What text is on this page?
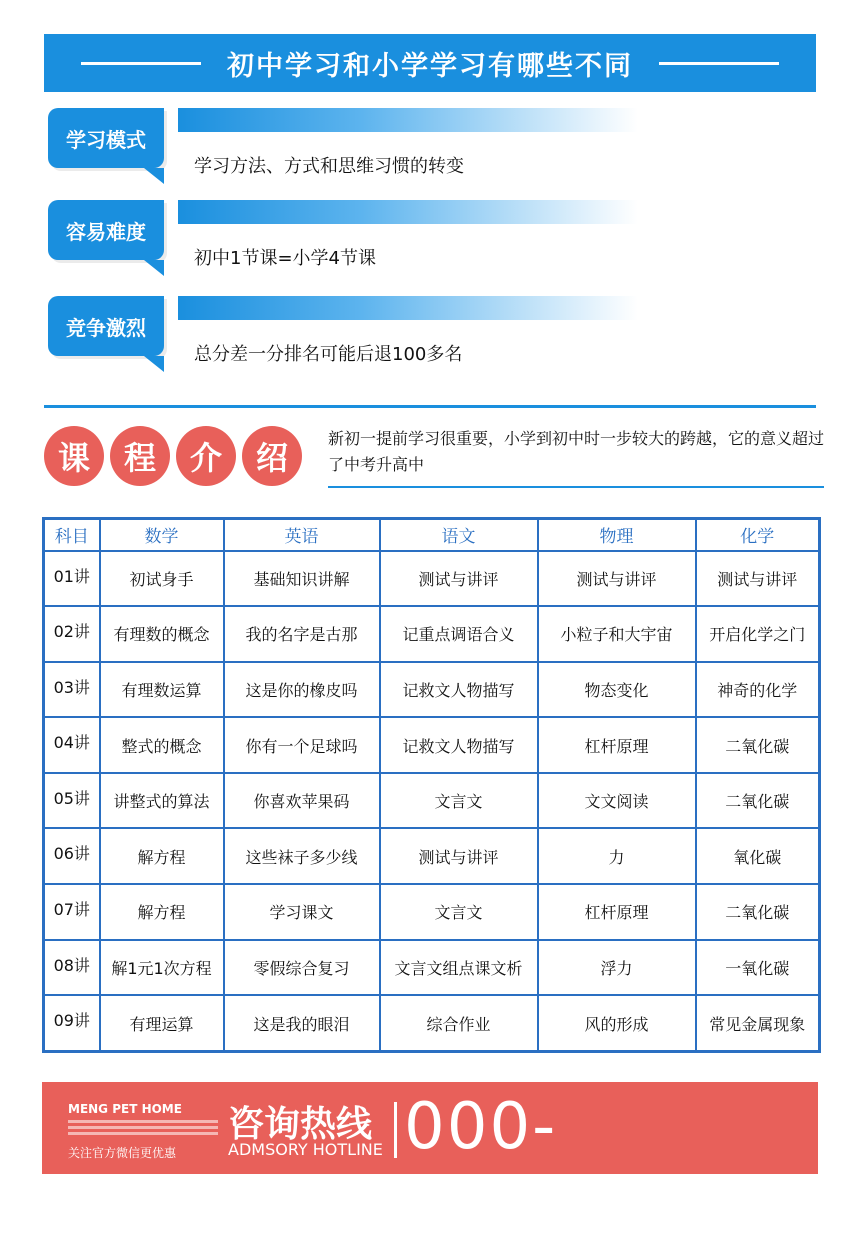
初中学习和小学学习有哪些不同
学习模式
学习方法、方式和思维习惯的转变
容易难度
初中1节课=小学4节课
竞争激烈
总分差一分排名可能后退100多名
课	程	介	绍
新初一提前学习很重要，小学到初中时一步较大的跨越，它的意义超过了中考升高中
科目	数学	英语	语文	物理	化学
01讲	初试身手	基础知识讲解	测试与讲评	测试与讲评	测试与讲评
02讲	有理数的概念	我的名字是古那	记重点调语合义	小粒子和大宇宙	开启化学之门
03讲	有理数运算	这是你的橡皮吗	记救文人物描写	物态变化	神奇的化学
04讲	整式的概念	你有一个足球吗	记救文人物描写	杠杆原理	二氧化碳
05讲	讲整式的算法	你喜欢苹果码	文言文	文文阅读	二氧化碳
06讲	解方程	这些袜子多少线	测试与讲评	力	氧化碳
07讲	解方程	学习课文	文言文	杠杆原理	二氧化碳
08讲	解1元1次方程	零假综合复习	文言文组点课文析	浮力	一氧化碳
09讲	有理运算	这是我的眼泪	综合作业	风的形成	常见金属现象
MENG PET HOME
关注官方微信更优惠
咨询热线
ADMSORY HOTLINE 000-8888888
